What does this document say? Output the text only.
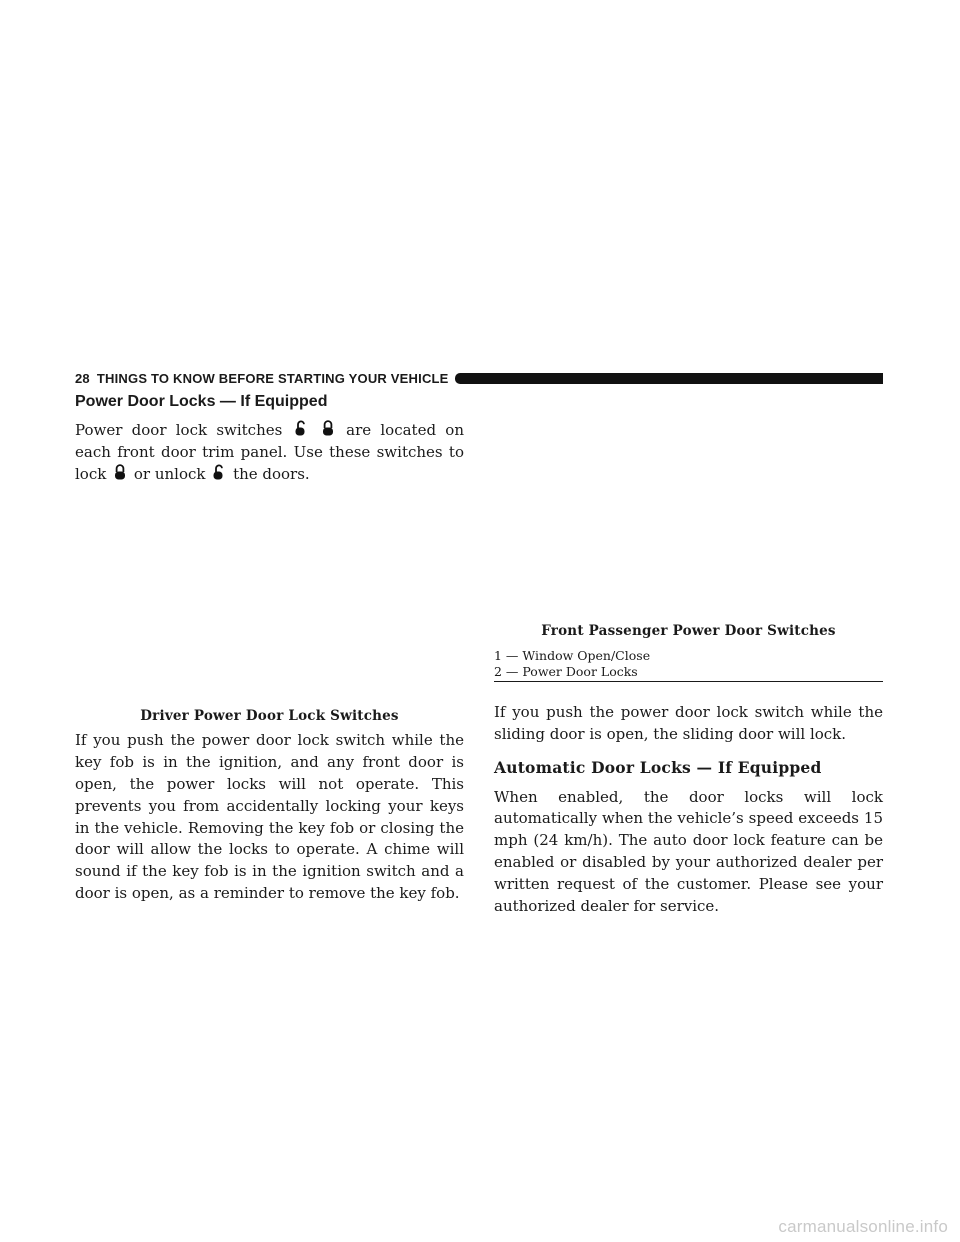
28 THINGS TO KNOW BEFORE STARTING YOUR VEHICLE
Power Door Locks — If Equipped

Power door lock switches
	are located on each front door trim panel. Use these switches to lock or unlock the doors.

Driver Power Door Lock Switches

If you push the power door lock switch while the key fob is in the ignition, and any front door is open, the power locks will not operate. This prevents you from accidentally locking your keys in the vehicle. Removing the key fob or closing the door will allow the locks to operate. A chime will sound if the key fob is in the ignition switch and a door is open, as a reminder to remove the key fob.

Front Passenger Power Door Switches
1 — Window Open/Close
2 — Power Door Locks

If you push the power door lock switch while the sliding door is open, the sliding door will lock.

Automatic Door Locks — If Equipped

When enabled, the door locks will lock automatically when the vehicle’s speed exceeds 15 mph (24 km/h). The auto door lock feature can be enabled or disabled by your authorized dealer per written request of the customer. Please see your authorized dealer for service.

carmanualsonline.info
